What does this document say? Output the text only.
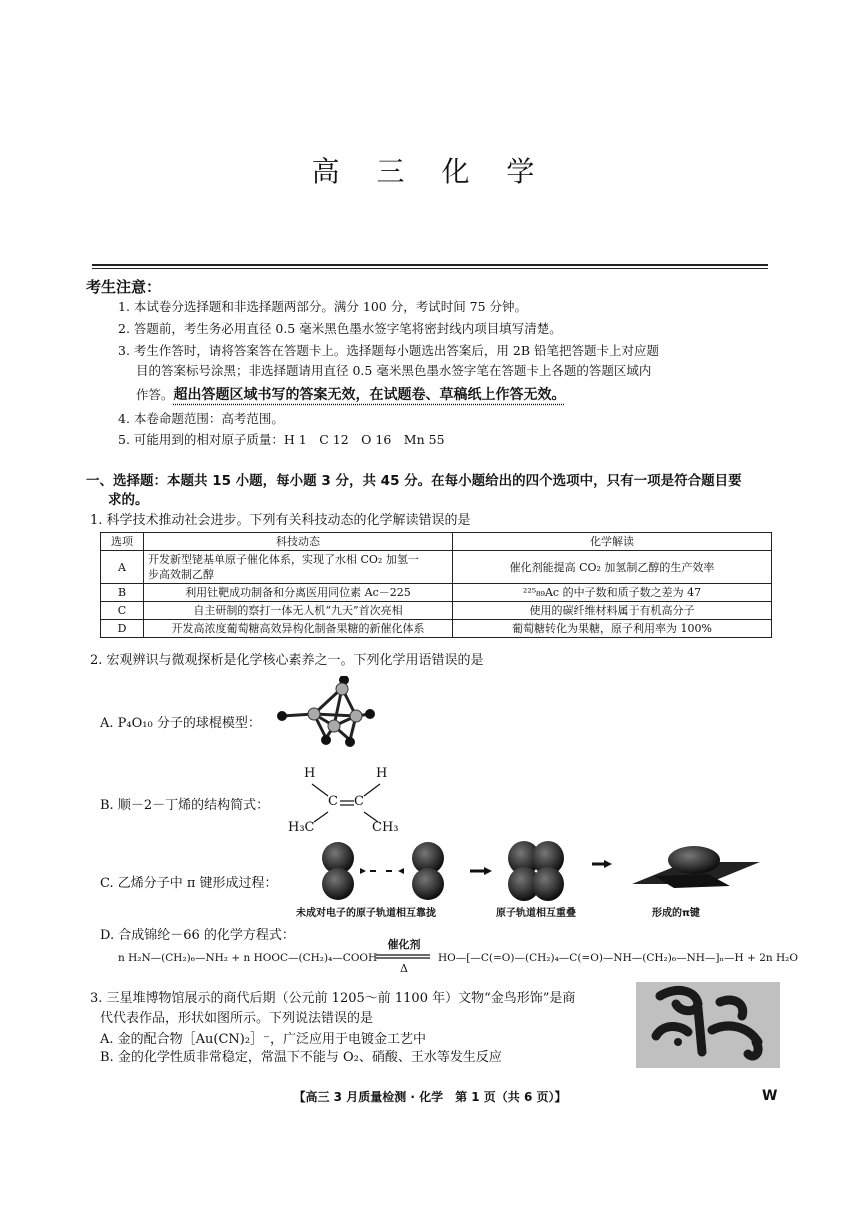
高 三 化 学
考生注意：
1. 本试卷分选择题和非选择题两部分。满分 100 分，考试时间 75 分钟。
2. 答题前，考生务必用直径 0.5 毫米黑色墨水签字笔将密封线内项目填写清楚。
3. 考生作答时，请将答案答在答题卡上。选择题每小题选出答案后，用 2B 铅笔把答题卡上对应题
目的答案标号涂黑；非选择题请用直径 0.5 毫米黑色墨水签字笔在答题卡上各题的答题区域内
作答。超出答题区域书写的答案无效，在试题卷、草稿纸上作答无效。
4. 本卷命题范围：高考范围。
5. 可能用到的相对原子质量：H 1　C 12　O 16　Mn 55
一、选择题：本题共 15 小题，每小题 3 分，共 45 分。在每小题给出的四个选项中，只有一项是符合题目要
求的。
1. 科学技术推动社会进步。下列有关科技动态的化学解读错误的是
选项	科技动态	化学解读
A	开发新型铑基单原子催化体系，实现了水相 CO₂ 加氢一
步高效制乙醇	催化剂能提高 CO₂ 加氢制乙醇的生产效率
B	利用钍靶成功制备和分离医用同位素 Ac－225	²²⁵₈₉Ac 的中子数和质子数之差为 47
C	自主研制的察打一体无人机“九天”首次亮相	使用的碳纤维材料属于有机高分子
D	开发高浓度葡萄糖高效异构化制备果糖的新催化体系	葡萄糖转化为果糖，原子利用率为 100%
2. 宏观辨识与微观探析是化学核心素养之一。下列化学用语错误的是
A. P₄O₁₀ 分子的球棍模型：
B. 顺－2－丁烯的结构简式：
H	H
C C
H₃C	CH₃
C. 乙烯分子中 π 键形成过程：
未成对电子的原子轨道相互靠拢	原子轨道相互重叠	形成的π键
D. 合成锦纶－66 的化学方程式：
n H₂N—(CH₂)₆—NH₂ + n HOOC—(CH₂)₄—COOH
催化剂
Δ
HO—[—C(=O)—(CH₂)₄—C(=O)—NH—(CH₂)₆—NH—]ₙ—H + 2n H₂O
3. 三星堆博物馆展示的商代后期（公元前 1205～前 1100 年）文物“金鸟形饰”是商
代代表作品，形状如图所示。下列说法错误的是
A. 金的配合物［Au(CN)₂］⁻，广泛应用于电镀金工艺中
B. 金的化学性质非常稳定，常温下不能与 O₂、硝酸、王水等发生反应
【高三 3 月质量检测 · 化学　第 1 页（共 6 页）】	W
